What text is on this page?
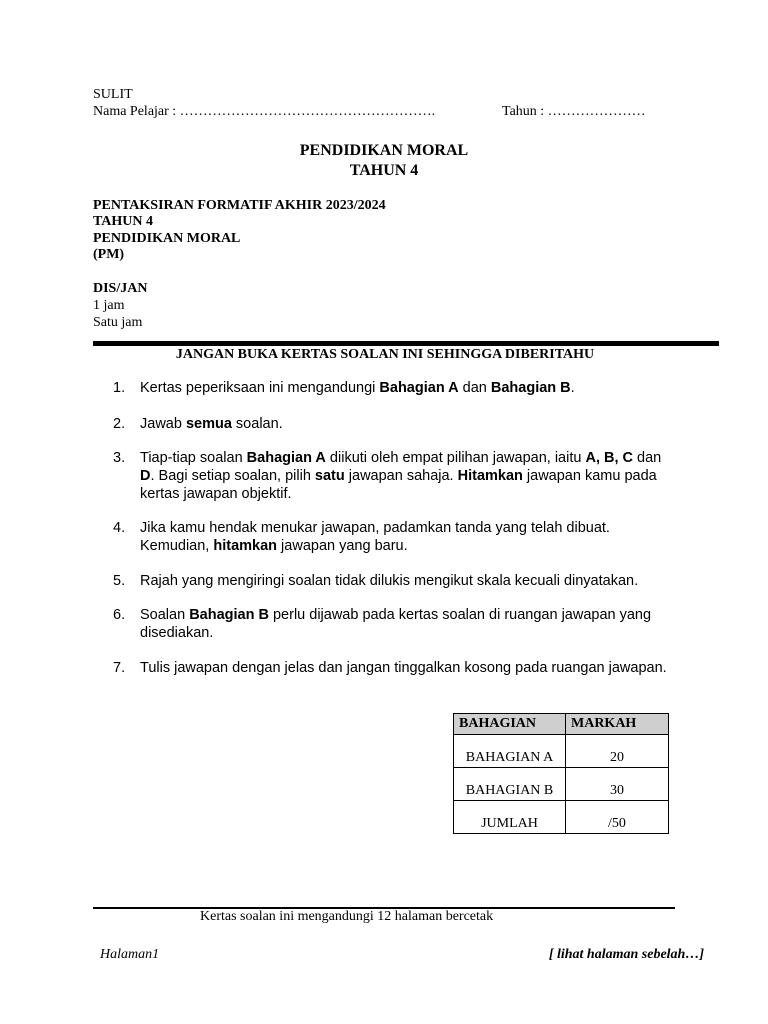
SULIT
Nama Pelajar : ……………………………………………….	Tahun : …………………
PENDIDIKAN MORAL
TAHUN 4
PENTAKSIRAN FORMATIF AKHIR 2023/2024
TAHUN 4
PENDIDIKAN MORAL
(PM)
DIS/JAN
1 jam
Satu jam
JANGAN BUKA KERTAS SOALAN INI SEHINGGA DIBERITAHU
1.	Kertas peperiksaan ini mengandungi Bahagian A dan Bahagian B.
2.	Jawab semua soalan.
3.	Tiap-tiap soalan Bahagian A diikuti oleh empat pilihan jawapan, iaitu A, B, C dan D. Bagi setiap soalan, pilih satu jawapan sahaja. Hitamkan jawapan kamu pada kertas jawapan objektif.
4.	Jika kamu hendak menukar jawapan, padamkan tanda yang telah dibuat. Kemudian, hitamkan jawapan yang baru.
5.	Rajah yang mengiringi soalan tidak dilukis mengikut skala kecuali dinyatakan.
6.	Soalan Bahagian B perlu dijawab pada kertas soalan di ruangan jawapan yang disediakan.
7.	Tulis jawapan dengan jelas dan jangan tinggalkan kosong pada ruangan jawapan.
BAHAGIAN	MARKAH
BAHAGIAN A	20
BAHAGIAN B	30
JUMLAH	/50
Kertas soalan ini mengandungi 12 halaman bercetak
Halaman1	[ lihat halaman sebelah…]
